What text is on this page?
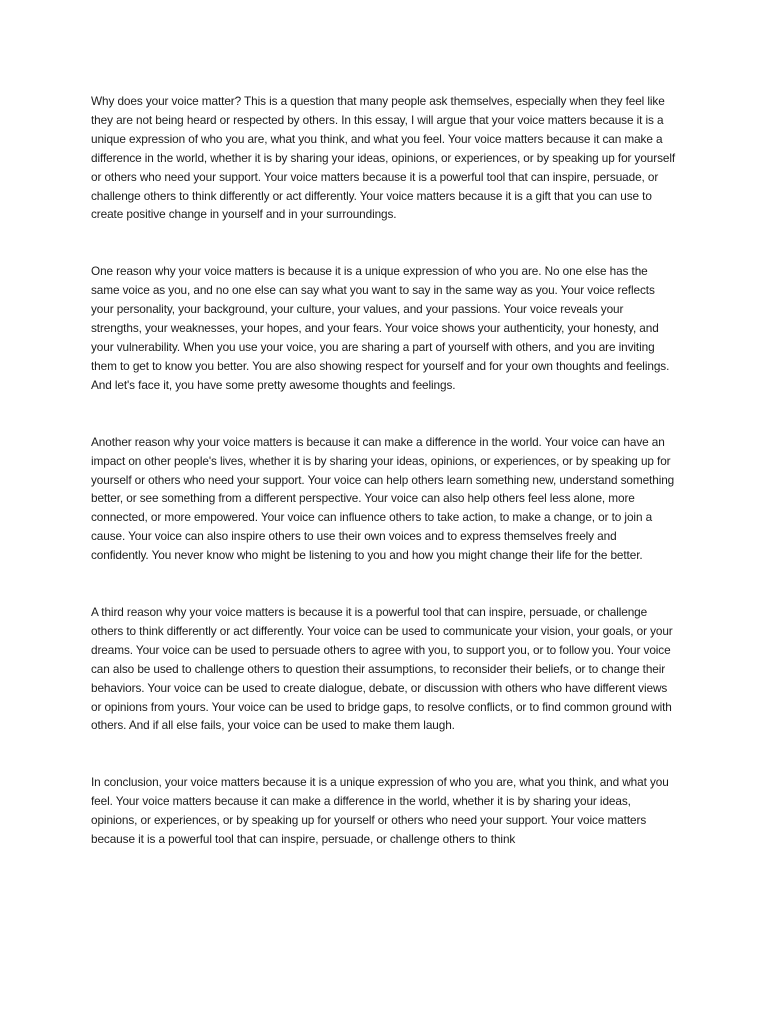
Why does your voice matter? This is a question that many people ask themselves, especially when they feel like they are not being heard or respected by others. In this essay, I will argue that your voice matters because it is a unique expression of who you are, what you think, and what you feel. Your voice matters because it can make a difference in the world, whether it is by sharing your ideas, opinions, or experiences, or by speaking up for yourself or others who need your support. Your voice matters because it is a powerful tool that can inspire, persuade, or challenge others to think differently or act differently. Your voice matters because it is a gift that you can use to create positive change in yourself and in your surroundings.

One reason why your voice matters is because it is a unique expression of who you are. No one else has the same voice as you, and no one else can say what you want to say in the same way as you. Your voice reflects your personality, your background, your culture, your values, and your passions. Your voice reveals your strengths, your weaknesses, your hopes, and your fears. Your voice shows your authenticity, your honesty, and your vulnerability. When you use your voice, you are sharing a part of yourself with others, and you are inviting them to get to know you better. You are also showing respect for yourself and for your own thoughts and feelings. And let's face it, you have some pretty awesome thoughts and feelings.

Another reason why your voice matters is because it can make a difference in the world. Your voice can have an impact on other people's lives, whether it is by sharing your ideas, opinions, or experiences, or by speaking up for yourself or others who need your support. Your voice can help others learn something new, understand something better, or see something from a different perspective. Your voice can also help others feel less alone, more connected, or more empowered. Your voice can influence others to take action, to make a change, or to join a cause. Your voice can also inspire others to use their own voices and to express themselves freely and confidently. You never know who might be listening to you and how you might change their life for the better.

A third reason why your voice matters is because it is a powerful tool that can inspire, persuade, or challenge others to think differently or act differently. Your voice can be used to communicate your vision, your goals, or your dreams. Your voice can be used to persuade others to agree with you, to support you, or to follow you. Your voice can also be used to challenge others to question their assumptions, to reconsider their beliefs, or to change their behaviors. Your voice can be used to create dialogue, debate, or discussion with others who have different views or opinions from yours. Your voice can be used to bridge gaps, to resolve conflicts, or to find common ground with others. And if all else fails, your voice can be used to make them laugh.

In conclusion, your voice matters because it is a unique expression of who you are, what you think, and what you feel. Your voice matters because it can make a difference in the world, whether it is by sharing your ideas, opinions, or experiences, or by speaking up for yourself or others who need your support. Your voice matters because it is a powerful tool that can inspire, persuade, or challenge others to think
